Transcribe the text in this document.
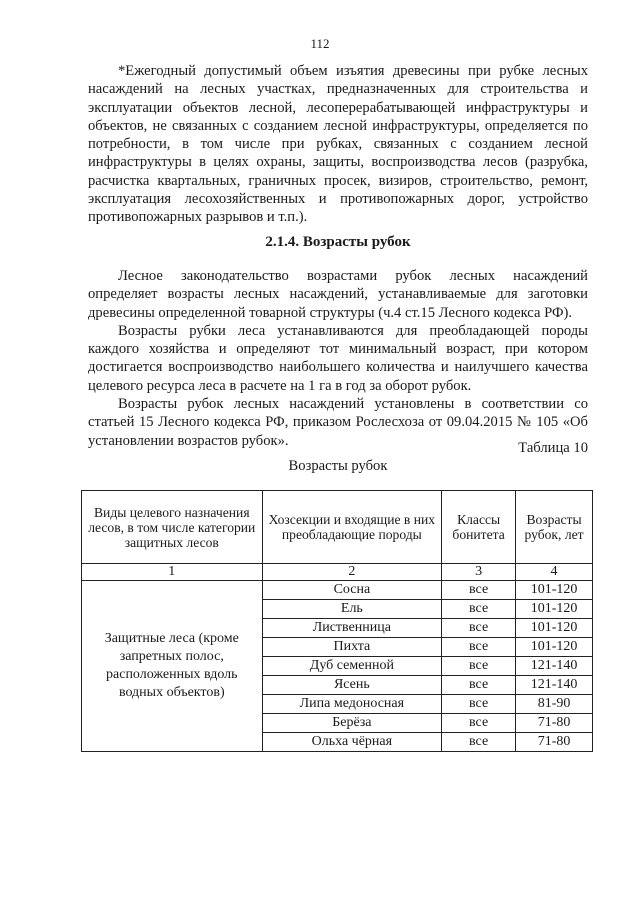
112

*Ежегодный допустимый объем изъятия древесины при рубке лесных насаждений на лесных участках, предназначенных для строительства и эксплуатации объектов лесной, лесоперерабатывающей инфраструктуры и объектов, не связанных с созданием лесной инфраструктуры, определяется по потребности, в том числе при рубках, связанных с созданием лесной инфраструктуры в целях охраны, защиты, воспроизводства лесов (разрубка, расчистка квартальных, граничных просек, визиров, строительство, ремонт, эксплуатация лесохозяйственных и противопожарных дорог, устройство противопожарных разрывов и т.п.).

2.1.4. Возрасты рубок

Лесное законодательство возрастами рубок лесных насаждений определяет возрасты лесных насаждений, устанавливаемые для заготовки древесины определенной товарной структуры (ч.4 ст.15 Лесного кодекса РФ).

Возрасты рубки леса устанавливаются для преобладающей породы каждого хозяйства и определяют тот минимальный возраст, при котором достигается воспроизводство наибольшего количества и наилучшего качества целевого ресурса леса в расчете на 1 га в год за оборот рубок.

Возрасты рубок лесных насаждений установлены в соответствии со статьей 15 Лесного кодекса РФ, приказом Рослесхоза от 09.04.2015 № 105 «Об установлении возрастов рубок».	Таблица 10
Возрасты рубок
Виды целевого назначения лесов, в том числе категории защитных лесов	Хозсекции и входящие в них преобладающие породы	Классы бонитета	Возрасты рубок, лет
1	2	3	4
Защитные леса (кроме запретных полос, расположенных вдоль водных объектов)	Сосна	все	101-120
	Ель	все	101-120
	Лиственница	все	101-120
	Пихта	все	101-120
	Дуб семенной	все	121-140
	Ясень	все	121-140
	Липа медоносная	все	81-90
	Берёза	все	71-80
	Ольха чёрная	все	71-80
